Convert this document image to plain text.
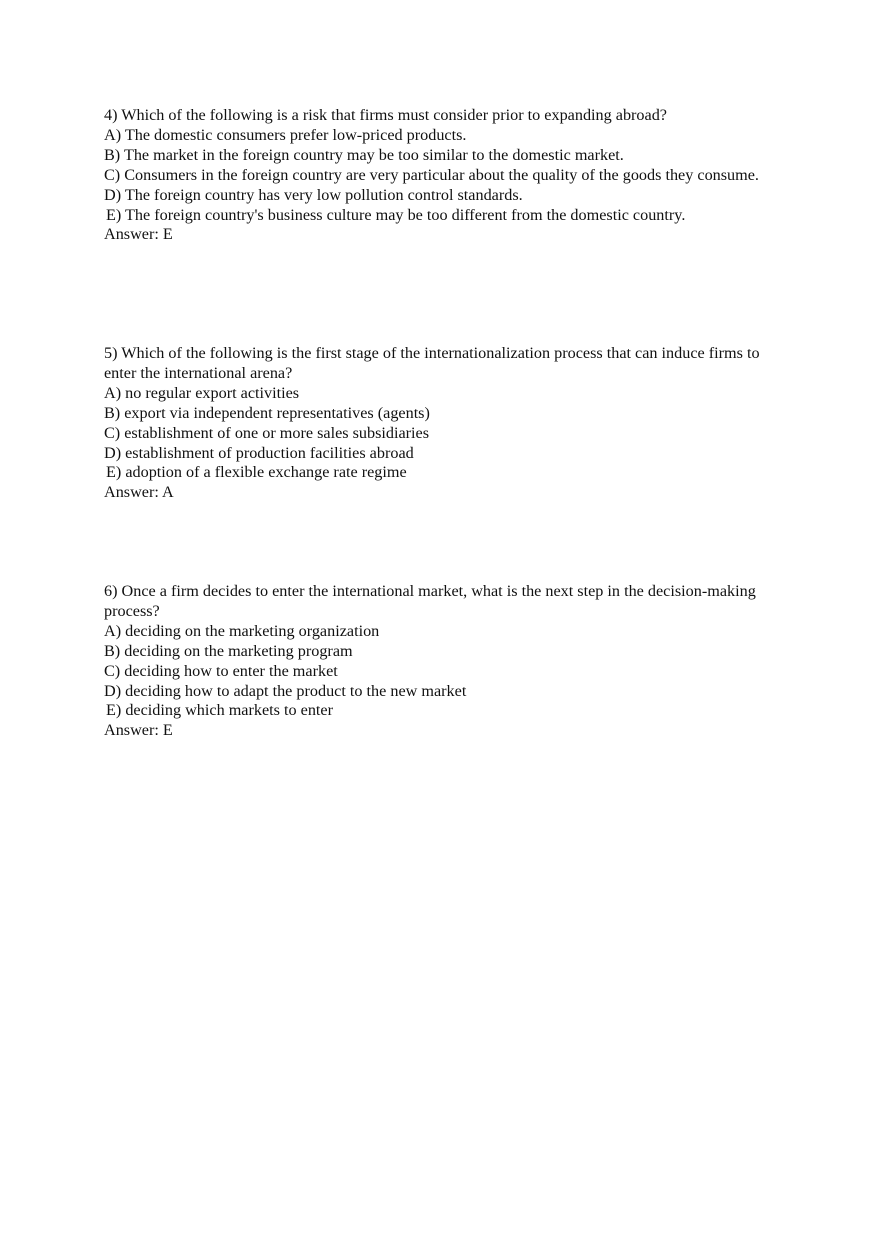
4) Which of the following is a risk that firms must consider prior to expanding abroad?
A) The domestic consumers prefer low-priced products.
B) The market in the foreign country may be too similar to the domestic market.
C) Consumers in the foreign country are very particular about the quality of the goods they consume.
D) The foreign country has very low pollution control standards.
E) The foreign country's business culture may be too different from the domestic country.
Answer: E
5) Which of the following is the first stage of the internationalization process that can induce firms to enter the international arena?
A) no regular export activities
B) export via independent representatives (agents)
C) establishment of one or more sales subsidiaries
D) establishment of production facilities abroad
E) adoption of a flexible exchange rate regime
Answer: A
6) Once a firm decides to enter the international market, what is the next step in the decision-making process?
A) deciding on the marketing organization
B) deciding on the marketing program
C) deciding how to enter the market
D) deciding how to adapt the product to the new market
E) deciding which markets to enter
Answer: E
